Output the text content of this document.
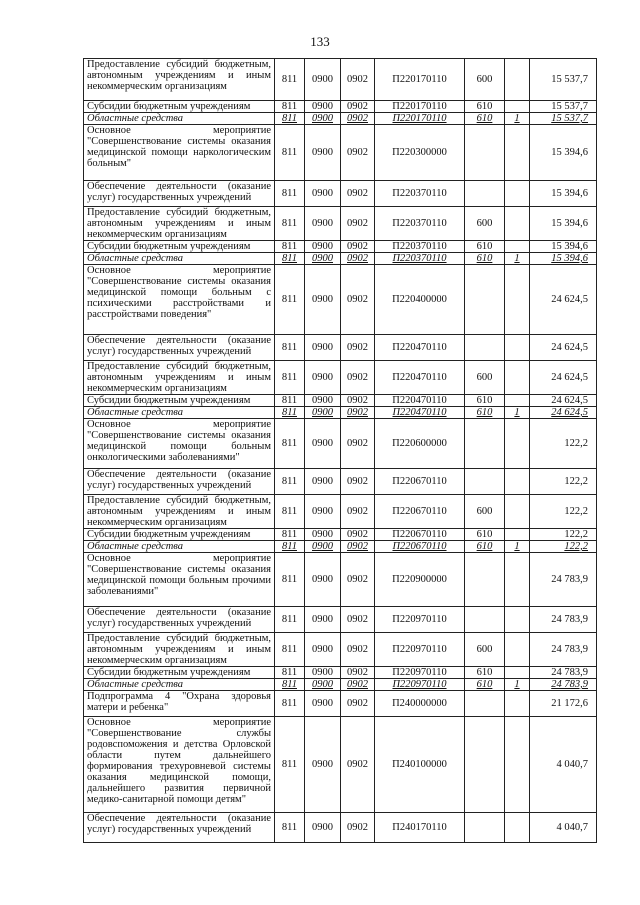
133
Предоставление субсидий бюджетным, автономным учреждениям и иным некоммерческим организациям	811	0900	0902	П220170110	600		15 537,7
Субсидии бюджетным учреждениям	811	0900	0902	П220170110	610		15 537,7
Областные средства	811	0900	0902	П220170110	610	1	15 537,7
Основное мероприятие "Совершенствование системы оказания медицинской помощи наркологическим больным"	811	0900	0902	П220300000			15 394,6
Обеспечение деятельности (оказание услуг) государственных учреждений	811	0900	0902	П220370110			15 394,6
Предоставление субсидий бюджетным, автономным учреждениям и иным некоммерческим организациям	811	0900	0902	П220370110	600		15 394,6
Субсидии бюджетным учреждениям	811	0900	0902	П220370110	610		15 394,6
Областные средства	811	0900	0902	П220370110	610	1	15 394,6
Основное мероприятие "Совершенствование системы оказания медицинской помощи больным с психическими расстройствами и расстройствами поведения"	811	0900	0902	П220400000			24 624,5
Обеспечение деятельности (оказание услуг) государственных учреждений	811	0900	0902	П220470110			24 624,5
Предоставление субсидий бюджетным, автономным учреждениям и иным некоммерческим организациям	811	0900	0902	П220470110	600		24 624,5
Субсидии бюджетным учреждениям	811	0900	0902	П220470110	610		24 624,5
Областные средства	811	0900	0902	П220470110	610	1	24 624,5
Основное мероприятие "Совершенствование системы оказания медицинской помощи больным онкологическими заболеваниями"	811	0900	0902	П220600000			122,2
Обеспечение деятельности (оказание услуг) государственных учреждений	811	0900	0902	П220670110			122,2
Предоставление субсидий бюджетным, автономным учреждениям и иным некоммерческим организациям	811	0900	0902	П220670110	600		122,2
Субсидии бюджетным учреждениям	811	0900	0902	П220670110	610		122,2
Областные средства	811	0900	0902	П220670110	610	1	122,2
Основное мероприятие "Совершенствование системы оказания медицинской помощи больным прочими заболеваниями"	811	0900	0902	П220900000			24 783,9
Обеспечение деятельности (оказание услуг) государственных учреждений	811	0900	0902	П220970110			24 783,9
Предоставление субсидий бюджетным, автономным учреждениям и иным некоммерческим организациям	811	0900	0902	П220970110	600		24 783,9
Субсидии бюджетным учреждениям	811	0900	0902	П220970110	610		24 783,9
Областные средства	811	0900	0902	П220970110	610	1	24 783,9
Подпрограмма 4 "Охрана здоровья матери и ребенка"	811	0900	0902	П240000000			21 172,6
Основное мероприятие "Совершенствование службы родовспоможения и детства Орловской области путем дальнейшего формирования трехуровневой системы оказания медицинской помощи, дальнейшего развития первичной медико-санитарной помощи детям"	811	0900	0902	П240100000			4 040,7
Обеспечение деятельности (оказание услуг) государственных учреждений	811	0900	0902	П240170110			4 040,7
